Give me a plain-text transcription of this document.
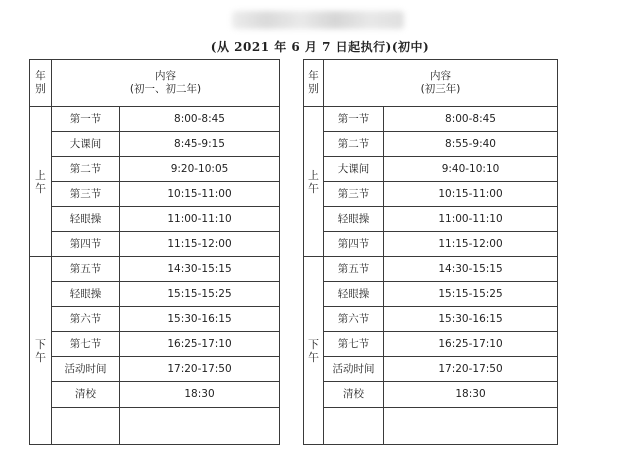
(从 2021 年 6 月 7 日起执行)(初中)
年
别	内容
(初一、初二年)	
上
午	第一节	8:00-8:45
	大课间	8:45-9:15
	第二节	9:20-10:05
	第三节	10:15-11:00
	轻眼操	11:00-11:10
	第四节	11:15-12:00
下
午	第五节	14:30-15:15
	轻眼操	15:15-15:25
	第六节	15:30-16:15
	第七节	16:25-17:10
	活动时间	17:20-17:50
	清校	18:30

年
别	内容
(初三年)	
上
午	第一节	8:00-8:45
	第二节	8:55-9:40
	大课间	9:40-10:10
	第三节	10:15-11:00
	轻眼操	11:00-11:10
	第四节	11:15-12:00
下
午	第五节	14:30-15:15
	轻眼操	15:15-15:25
	第六节	15:30-16:15
	第七节	16:25-17:10
	活动时间	17:20-17:50
	清校	18:30
